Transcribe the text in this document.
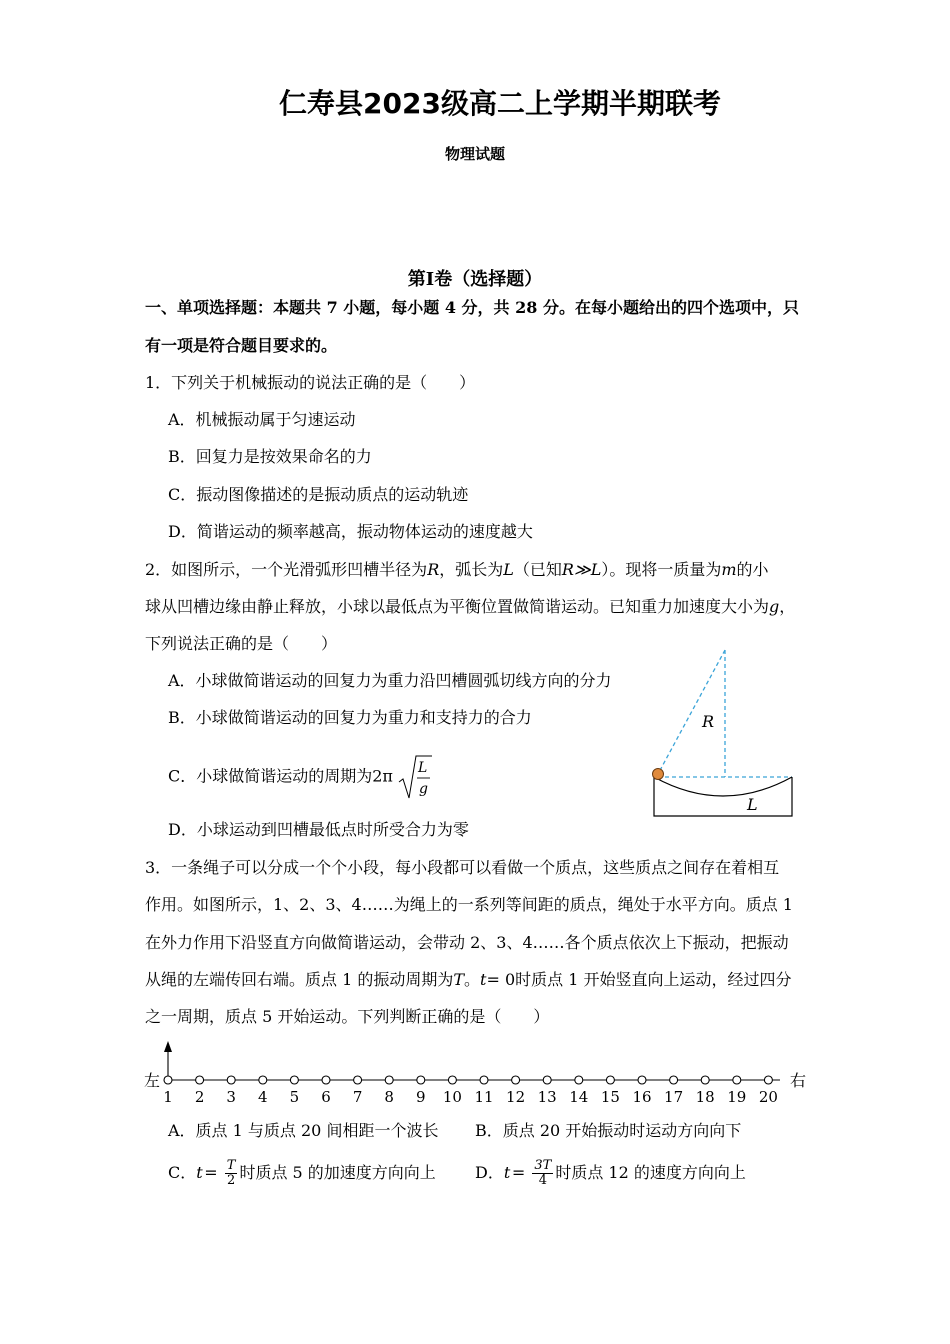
仁寿县2023级高二上学期半期联考
物理试题
第Ⅰ卷（选择题）
一、单项选择题：本题共 7 小题，每小题 4 分，共 28 分。在每小题给出的四个选项中，只
有一项是符合题目要求的。
1．下列关于机械振动的说法正确的是（　　）
A．机械振动属于匀速运动
B．回复力是按效果命名的力
C．振动图像描述的是振动质点的运动轨迹
D．简谐运动的频率越高，振动物体运动的速度越大
2．如图所示，一个光滑弧形凹槽半径为R，弧长为L（已知R≫L）。现将一质量为m的小
球从凹槽边缘由静止释放，小球以最低点为平衡位置做简谐运动。已知重力加速度大小为g，
下列说法正确的是（　　）
A．小球做简谐运动的回复力为重力沿凹槽圆弧切线方向的分力
B．小球做简谐运动的回复力为重力和支持力的合力
C．小球做简谐运动的周期为2π L
g
D．小球运动到凹槽最低点时所受合力为零
R
L
3．一条绳子可以分成一个个小段，每小段都可以看做一个质点，这些质点之间存在着相互
作用。如图所示，1、2、3、4……为绳上的一系列等间距的质点，绳处于水平方向。质点 1
在外力作用下沿竖直方向做简谐运动，会带动 2、3、4……各个质点依次上下振动，把振动
从绳的左端传回右端。质点 1 的振动周期为T。t= 0时质点 1 开始竖直向上运动，经过四分
之一周期，质点 5 开始运动。下列判断正确的是（　　）
左	右
1 2 3 4 5 6 7 8 9 10 11 12 13 14 15 16 17 18 19 20
A．质点 1 与质点 20 间相距一个波长 B．质点 20 开始振动时运动方向向下
C．t = $\frac{T}{2}$ 时质点 5 的加速度方向向上 D．t = $\frac{3T}{4}$ 时质点 12 的速度方向向上
